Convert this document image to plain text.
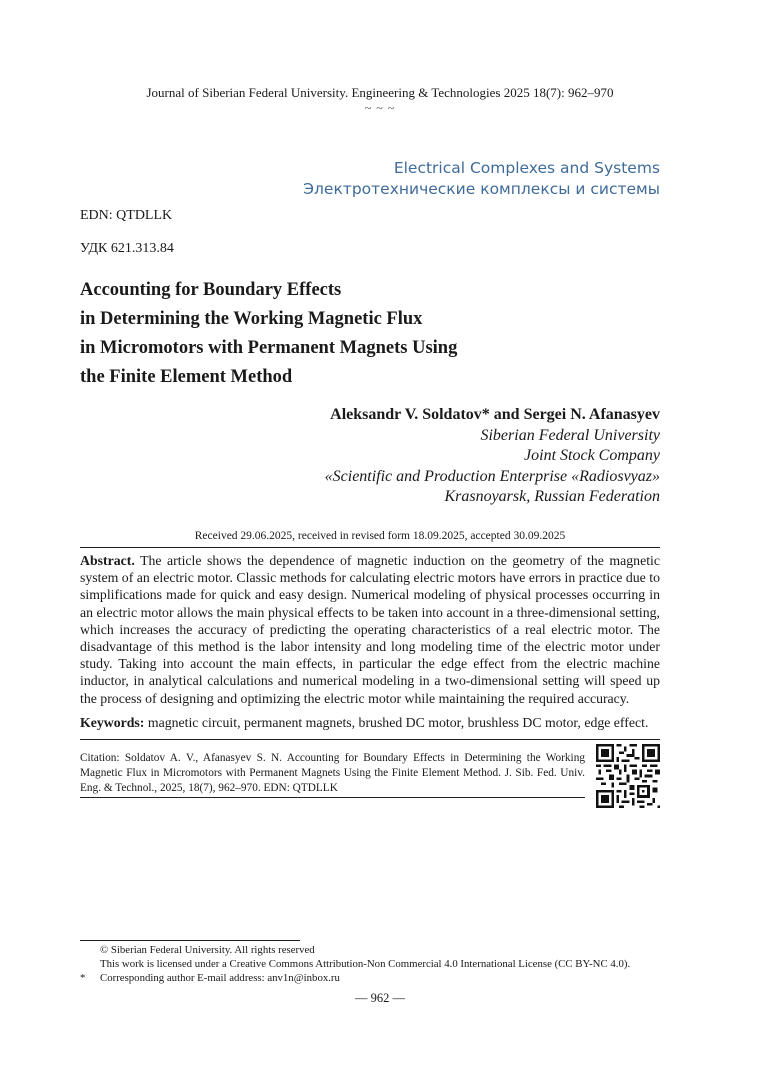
Journal of Siberian Federal University. Engineering & Technologies 2025 18(7): 962–970
~ ~ ~
Electrical Complexes and Systems
Электротехнические комплексы и системы
EDN: QTDLLK
УДК 621.313.84
Accounting for Boundary Effects
in Determining the Working Magnetic Flux
in Micromotors with Permanent Magnets Using
the Finite Element Method
Aleksandr V. Soldatov* and Sergei N. Afanasyev
Siberian Federal University
Joint Stock Company
«Scientific and Production Enterprise «Radiosvyaz»
Krasnoyarsk, Russian Federation
Received 29.06.2025, received in revised form 18.09.2025, accepted 30.09.2025
Abstract. The article shows the dependence of magnetic induction on the geometry of the magnetic system of an electric motor. Classic methods for calculating electric motors have errors in practice due to simplifications made for quick and easy design. Numerical modeling of physical processes occurring in an electric motor allows the main physical effects to be taken into account in a three-dimensional setting, which increases the accuracy of predicting the operating characteristics of a real electric motor. The disadvantage of this method is the labor intensity and long modeling time of the electric motor under study. Taking into account the main effects, in particular the edge effect from the electric machine inductor, in analytical calculations and numerical modeling in a two-dimensional setting will speed up the process of designing and optimizing the electric motor while maintaining the required accuracy.
Keywords: magnetic circuit, permanent magnets, brushed DC motor, brushless DC motor, edge effect.
Citation: Soldatov A. V., Afanasyev S. N. Accounting for Boundary Effects in Determining the Working Magnetic Flux in Micromotors with Permanent Magnets Using the Finite Element Method. J. Sib. Fed. Univ. Eng. & Technol., 2025, 18(7), 962–970. EDN: QTDLLK
© Siberian Federal University. All rights reserved
This work is licensed under a Creative Commons Attribution-Non Commercial 4.0 International License (CC BY-NC 4.0).
* Corresponding author E-mail address: anv1n@inbox.ru
— 962 —
